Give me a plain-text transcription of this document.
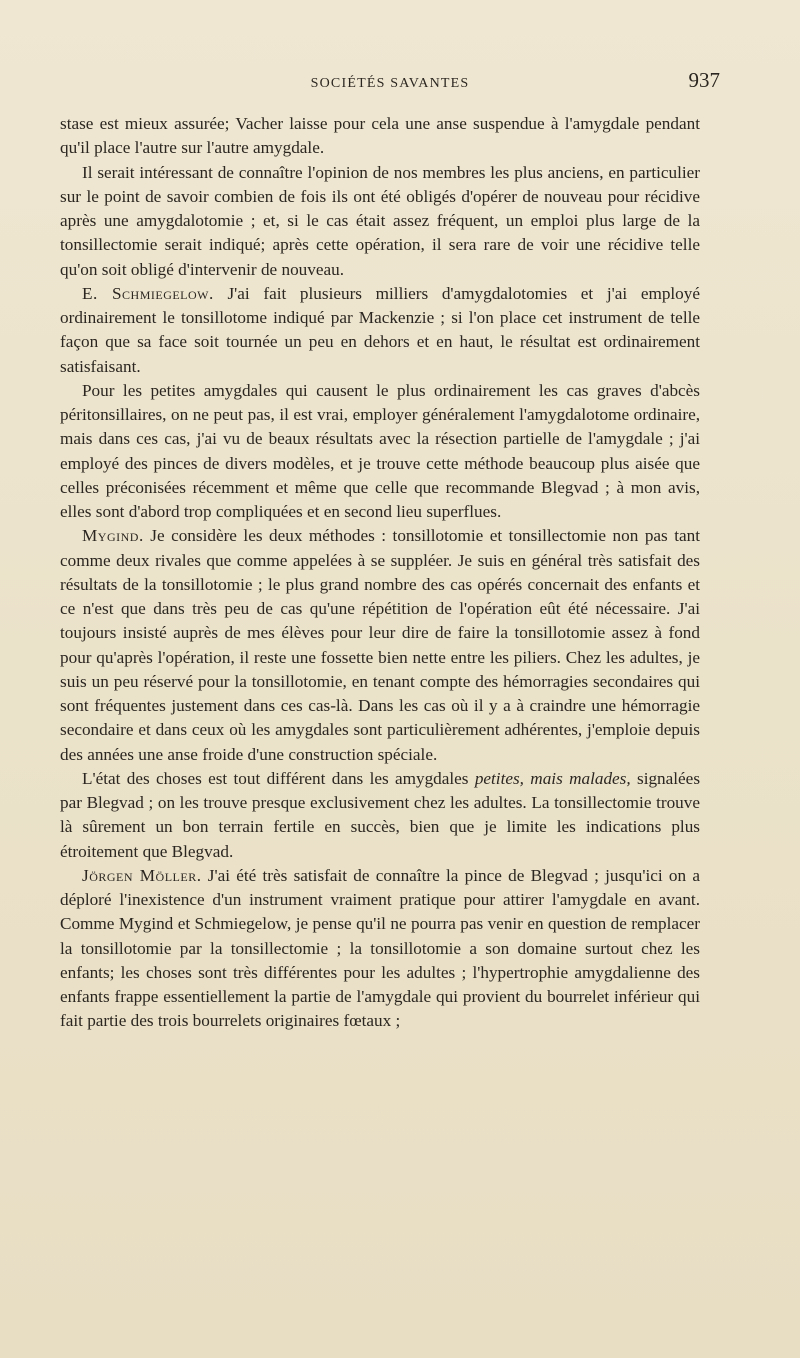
SOCIÉTÉS SAVANTES	937

stase est mieux assurée; Vacher laisse pour cela une anse suspendue à l'amygdale pendant qu'il place l'autre sur l'autre amygdale.

Il serait intéressant de connaître l'opinion de nos membres les plus anciens, en particulier sur le point de savoir combien de fois ils ont été obligés d'opérer de nouveau pour récidive après une amygdalotomie ; et, si le cas était assez fréquent, un emploi plus large de la tonsillectomie serait indiqué; après cette opération, il sera rare de voir une récidive telle qu'on soit obligé d'intervenir de nouveau.

E. Schmiegelow. J'ai fait plusieurs milliers d'amygdalotomies et j'ai employé ordinairement le tonsillotome indiqué par Mackenzie ; si l'on place cet instrument de telle façon que sa face soit tournée un peu en dehors et en haut, le résultat est ordinairement satisfaisant.

Pour les petites amygdales qui causent le plus ordinairement les cas graves d'abcès péritonsillaires, on ne peut pas, il est vrai, employer généralement l'amygdalotome ordinaire, mais dans ces cas, j'ai vu de beaux résultats avec la résection partielle de l'amygdale ; j'ai employé des pinces de divers modèles, et je trouve cette méthode beaucoup plus aisée que celles préconisées récemment et même que celle que recommande Blegvad ; à mon avis, elles sont d'abord trop compliquées et en second lieu superflues.

Mygind. Je considère les deux méthodes : tonsillotomie et tonsillectomie non pas tant comme deux rivales que comme appelées à se suppléer. Je suis en général très satisfait des résultats de la tonsillotomie ; le plus grand nombre des cas opérés concernait des enfants et ce n'est que dans très peu de cas qu'une répétition de l'opération eût été nécessaire. J'ai toujours insisté auprès de mes élèves pour leur dire de faire la tonsillotomie assez à fond pour qu'après l'opération, il reste une fossette bien nette entre les piliers. Chez les adultes, je suis un peu réservé pour la tonsillotomie, en tenant compte des hémorragies secondaires qui sont fréquentes justement dans ces cas-là. Dans les cas où il y a à craindre une hémorragie secondaire et dans ceux où les amygdales sont particulièrement adhérentes, j'emploie depuis des années une anse froide d'une construction spéciale.

L'état des choses est tout différent dans les amygdales petites, mais malades, signalées par Blegvad ; on les trouve presque exclusivement chez les adultes. La tonsillectomie trouve là sûrement un bon terrain fertile en succès, bien que je limite les indications plus étroitement que Blegvad.

Jörgen Möller. J'ai été très satisfait de connaître la pince de Blegvad ; jusqu'ici on a déploré l'inexistence d'un instrument vraiment pratique pour attirer l'amygdale en avant. Comme Mygind et Schmiegelow, je pense qu'il ne pourra pas venir en question de remplacer la tonsillotomie par la tonsillectomie ; la tonsillotomie a son domaine surtout chez les enfants; les choses sont très différentes pour les adultes ; l'hypertrophie amygdalienne des enfants frappe essentiellement la partie de l'amygdale qui provient du bourrelet inférieur qui fait partie des trois bourrelets originaires fœtaux ;
